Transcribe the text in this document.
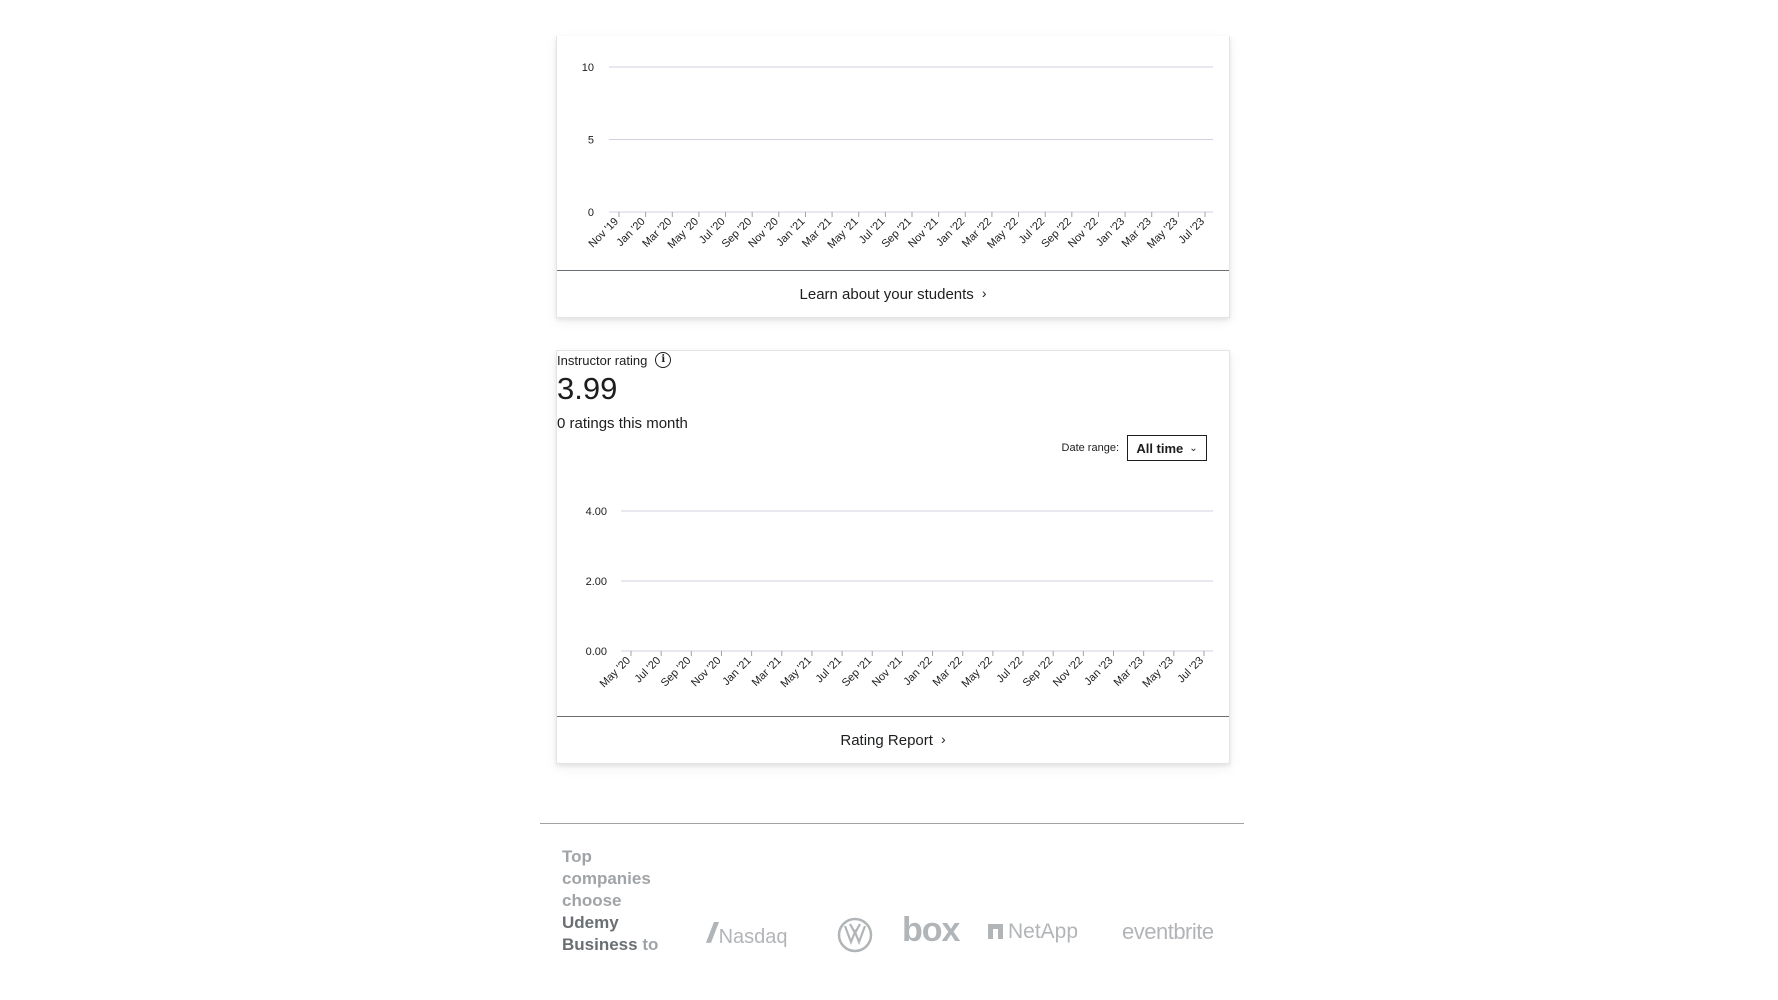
0
5
10
Nov '19
Jan '20
Mar '20
May '20
Jul '20
Sep '20
Nov '20
Jan '21
Mar '21
May '21
Jul '21
Sep '21
Nov '21
Jan '22
Mar '22
May '22
Jul '22
Sep '22
Nov '22
Jan '23
Mar '23
May '23
Jul '23
Learn about your students ›
Instructor rating	i
3.99
0 ratings this month
Date range: All time ⌄
0.00
2.00
4.00
May '20 Jul '20
Sep '20
Nov '20
Jan '21
Mar '21
May '21 Jul '21
Sep '21
Nov '21
Jan '22
Mar '22
May '22 Jul '22
Sep '22
Nov '22
Jan '23
Mar '23
May '23 Jul '23
Rating Report ›
Top
companies
choose
Udemy Business to	// Nasdaq	box NetApp eventbrite
